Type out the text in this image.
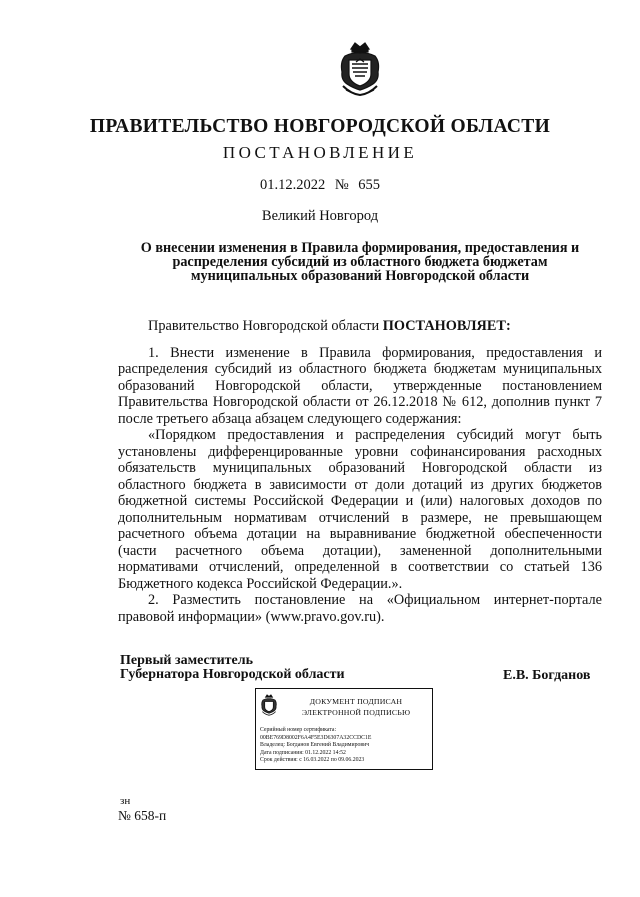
ПРАВИТЕЛЬСТВО НОВГОРОДСКОЙ ОБЛАСТИ
ПОСТАНОВЛЕНИЕ
01.12.2022 № 655
Великий Новгород
О внесении изменения в Правила формирования, предоставления и
распределения субсидий из областного бюджета бюджетам
муниципальных образований Новгородской области
Правительство Новгородской области ПОСТАНОВЛЯЕТ:
1. Внести изменение в Правила формирования, предоставления и
распределения субсидий из областного бюджета бюджетам муниципальных
образований Новгородской области, утвержденные постановлением
Правительства Новгородской области от 26.12.2018 № 612, дополнив пункт 7
после третьего абзаца абзацем следующего содержания:
«Порядком предоставления и распределения субсидий могут быть
установлены дифференцированные уровни софинансирования расходных
обязательств муниципальных образований Новгородской области из
областного бюджета в зависимости от доли дотаций из других бюджетов
бюджетной системы Российской Федерации и (или) налоговых доходов по
дополнительным нормативам отчислений в размере, не превышающем
расчетного объема дотации на выравнивание бюджетной обеспеченности
(части расчетного объема дотации), замененной дополнительными
нормативами отчислений, определенной в соответствии со статьей 136
Бюджетного кодекса Российской Федерации.».
2. Разместить постановление на «Официальном интернет-портале
правовой информации» (www.pravo.gov.ru).
Первый заместитель
Губернатора Новгородской области	Е.В. Богданов
ДОКУМЕНТ ПОДПИСАН
ЭЛЕКТРОННОЙ ПОДПИСЬЮ
Серийный номер сертификата:
00BE769D8002F6A4F5E3D6307A32CCDC1E
Владелец: Богданов Евгений Владимирович
Дата подписания: 01.12.2022 14:52
Срок действия: с 16.03.2022 по 09.06.2023
зн
№ 658-п
